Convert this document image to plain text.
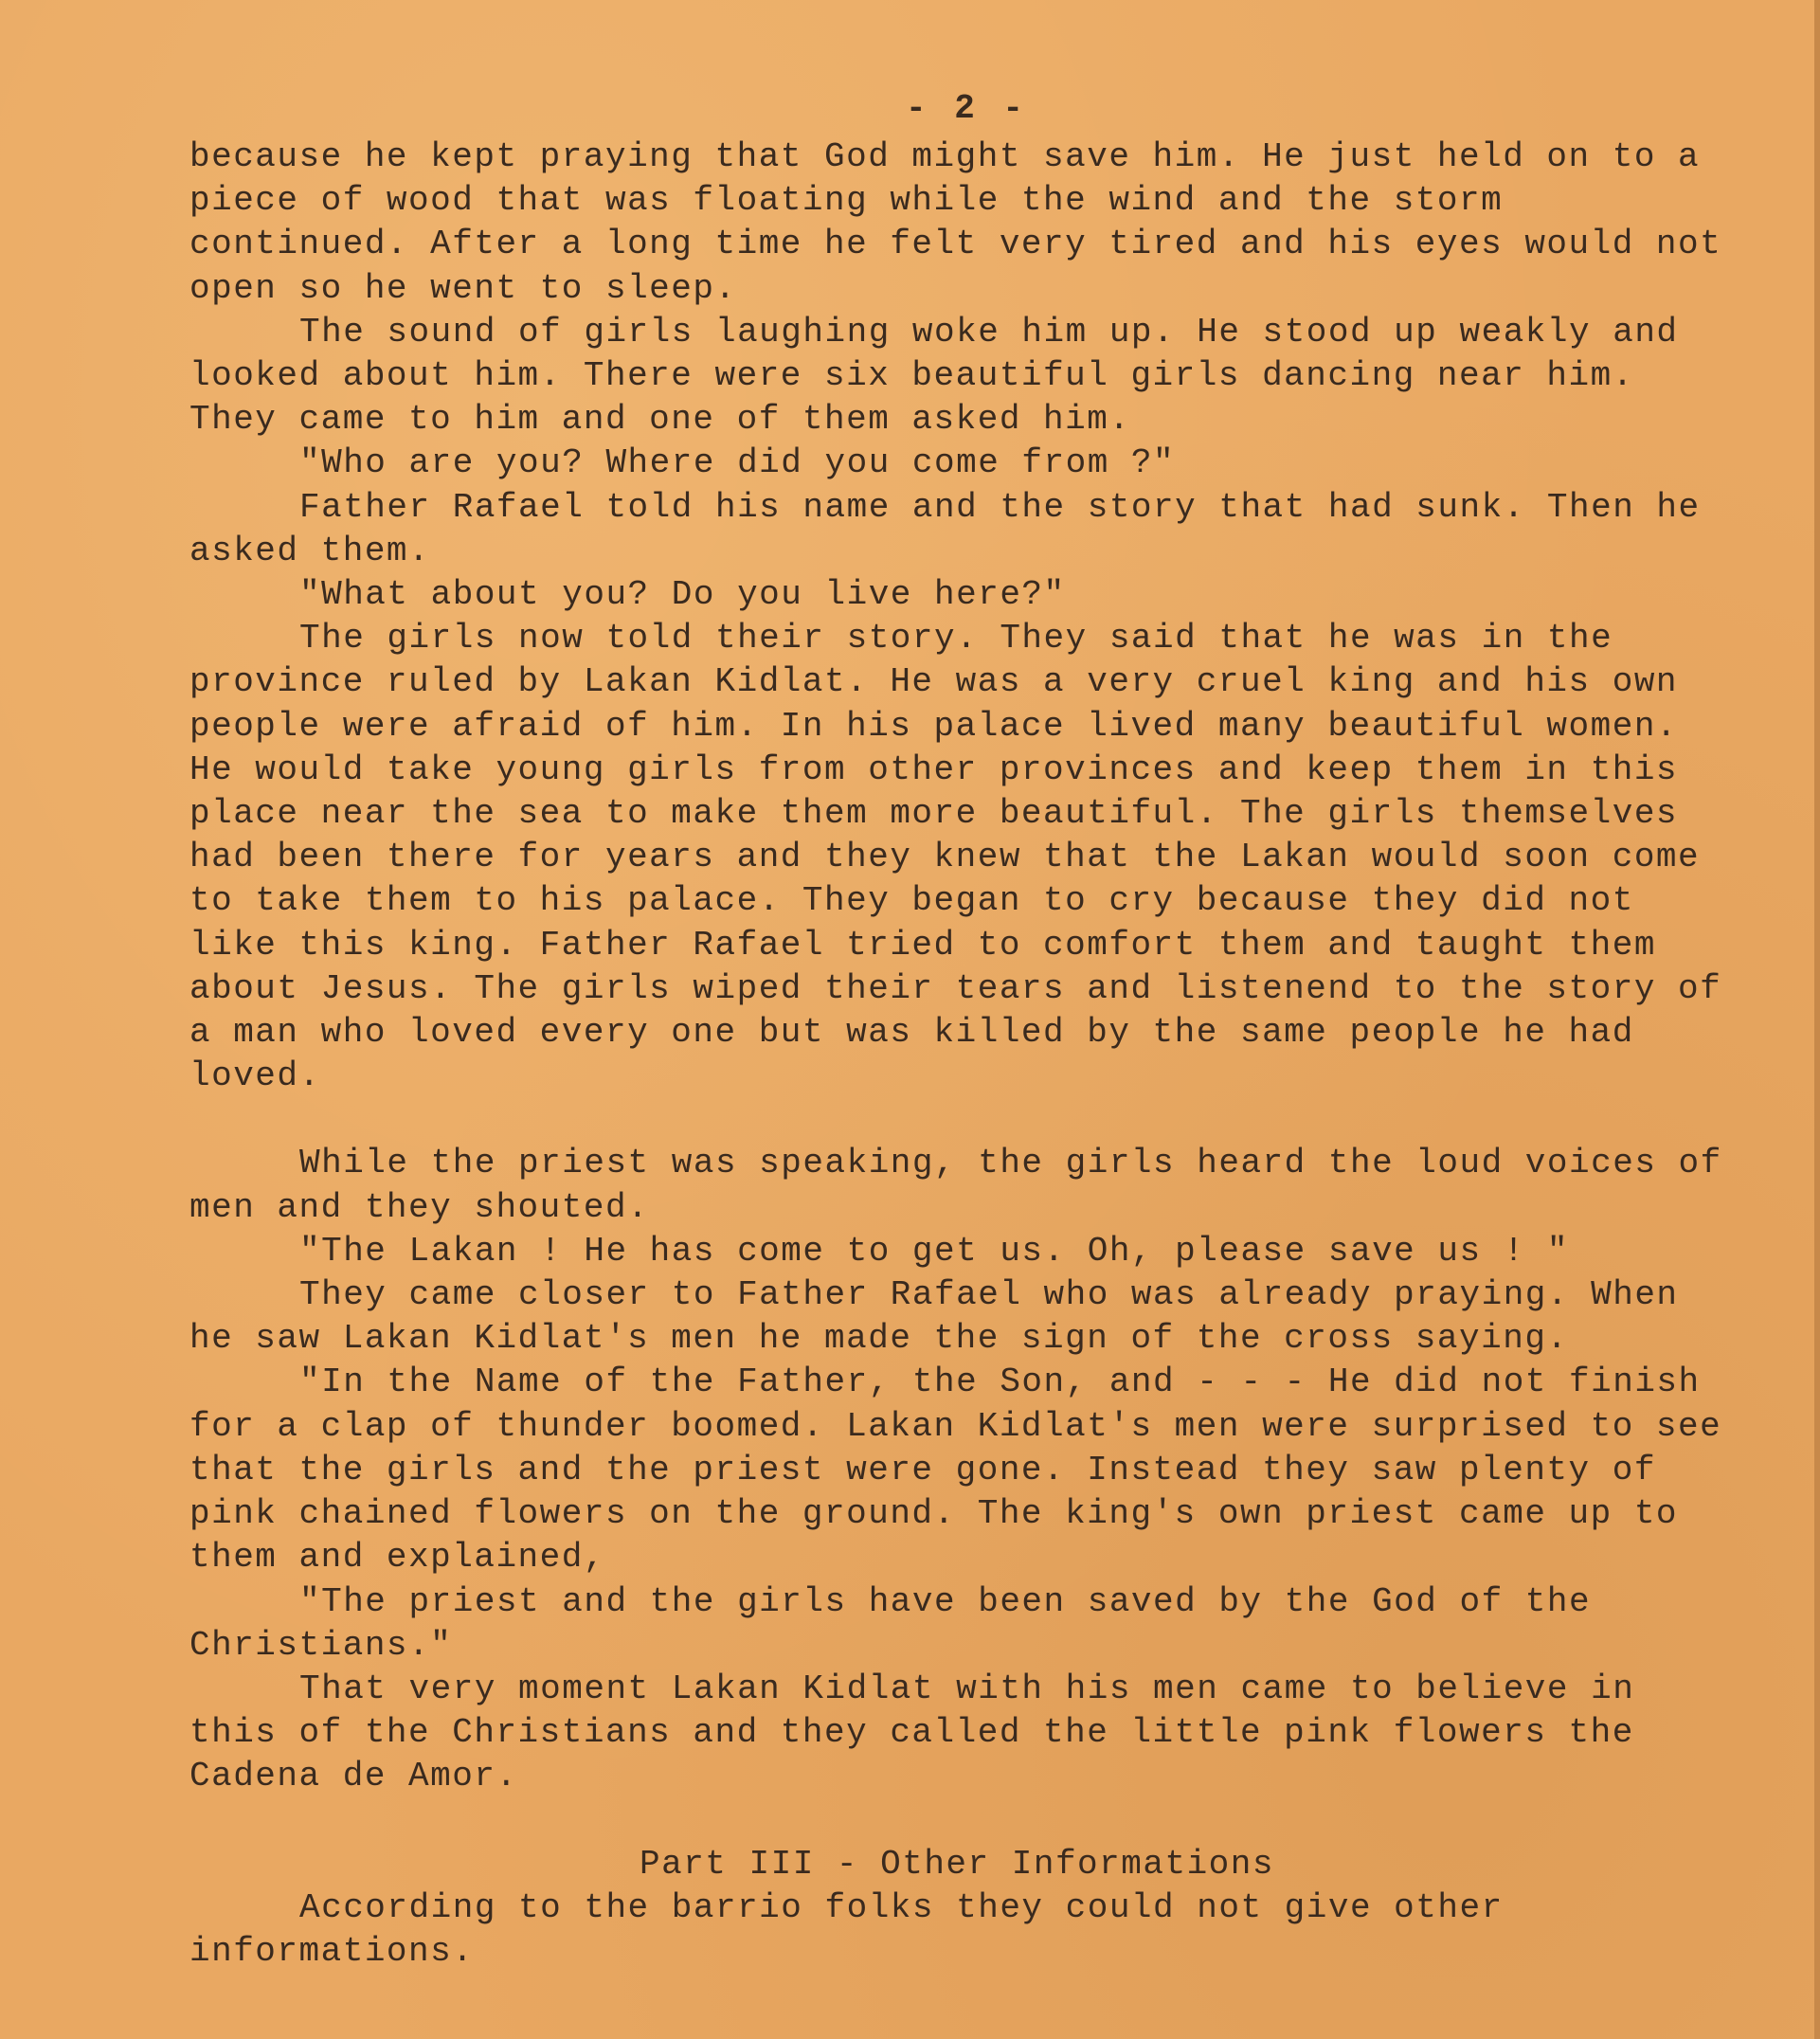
- 2 -

because he kept praying that God might save him. He just held on to a piece of wood that was floating while the wind and the storm continued. After a long time he felt very tired and his eyes would not open so he went to sleep.

The sound of girls laughing woke him up. He stood up weakly and looked about him. There were six beautiful girls dancing near him. They came to him and one of them asked him.

"Who are you? Where did you come from ?"

Father Rafael told his name and the story that had sunk. Then he asked them.

"What about you? Do you live here?"

The girls now told their story. They said that he was in the province ruled by Lakan Kidlat. He was a very cruel king and his own people were afraid of him. In his palace lived many beautiful women. He would take young girls from other provinces and keep them in this place near the sea to make them more beautiful. The girls themselves had been there for years and they knew that the Lakan would soon come to take them to his palace. They began to cry because they did not like this king. Father Rafael tried to comfort them and taught them about Jesus. The girls wiped their tears and listenend to the story of a man who loved every one but was killed by the same people he had loved.

While the priest was speaking, the girls heard the loud voices of men and they shouted.

"The Lakan ! He has come to get us. Oh, please save us ! "

They came closer to Father Rafael who was already praying. When he saw Lakan Kidlat's men he made the sign of the cross saying.

"In the Name of the Father, the Son, and - - - He did not finish for a clap of thunder boomed. Lakan Kidlat's men were surprised to see that the girls and the priest were gone. Instead they saw plenty of pink chained flowers on the ground. The king's own priest came up to them and explained,

"The priest and the girls have been saved by the God of the Christians."

That very moment Lakan Kidlat with his men came to believe in this of the Christians and they called the little pink flowers the Cadena de Amor.

Part III - Other Informations

According to the barrio folks they could not give other informations.
